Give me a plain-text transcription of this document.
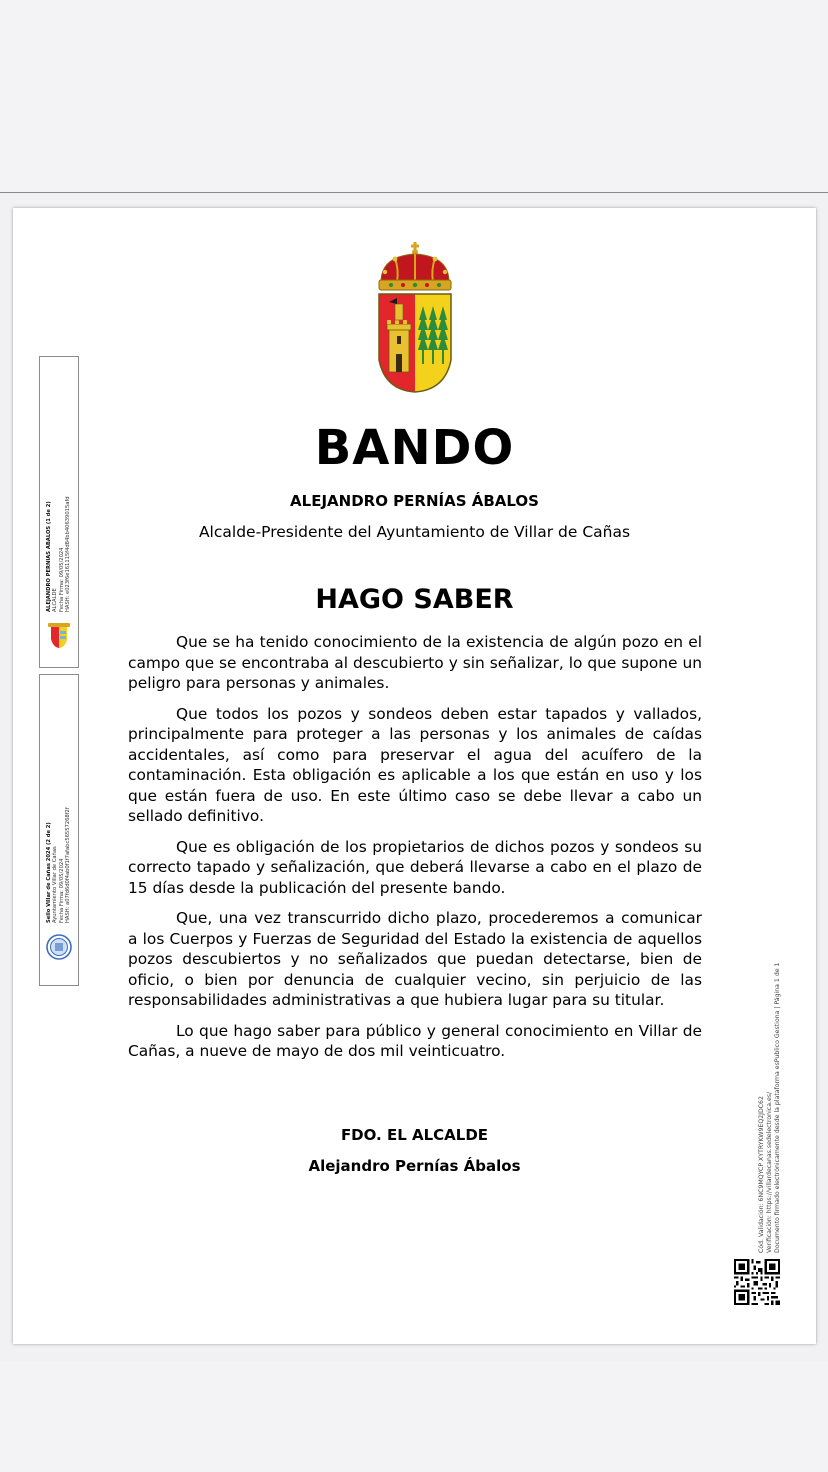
BANDO
ALEJANDRO PERNÍAS ÁBALOS
Alcalde-Presidente del Ayuntamiento de Villar de Cañas
HAGO SABER

Que se ha tenido conocimiento de la existencia de algún pozo en el campo que se encontraba al descubierto y sin señalizar, lo que supone un peligro para personas y animales.

Que todos los pozos y sondeos deben estar tapados y vallados, principalmente para proteger a las personas y los animales de caídas accidentales, así como para preservar el agua del acuífero de la contaminación. Esta obligación es aplicable a los que están en uso y los que están fuera de uso. En este último caso se debe llevar a cabo un sellado definitivo.

Que es obligación de los propietarios de dichos pozos y sondeos su correcto tapado y señalización, que deberá llevarse a cabo en el plazo de 15 días desde la publicación del presente bando.

Que, una vez transcurrido dicho plazo, procederemos a comunicar a los Cuerpos y Fuerzas de Seguridad del Estado la existencia de aquellos pozos descubiertos y no señalizados que puedan detectarse, bien de oficio, o bien por denuncia de cualquier vecino, sin perjuicio de las responsabilidades administrativas a que hubiera lugar para su titular.

Lo que hago saber para público y general conocimiento en Villar de Cañas, a nueve de mayo de dos mil veinticuatro.

FDO. EL ALCALDE
Alejandro Pernías Ábalos
ALEJANDRO PERNIAS ABALOS (1 de 2) ALCALDE Fecha Firma: 09/05/2024 HASH: e023f6e161115f4d84bb40639015afd
Sello Villar de Cañas 2024 (2 de 2) Ayuntamiento Villar de Cañas Fecha Firma: 09/05/2024 HASH: a07fd6d0f4ab0f1f7afabc56557268f2f
Cód. Validación: 6NC9MQYCP XYTRYKW9EQ2JDC62 Verificación: https://villardecanas.sedelectronica.es/ Documento firmado electrónicamente desde la plataforma esPublico Gestiona | Página 1 de 1
